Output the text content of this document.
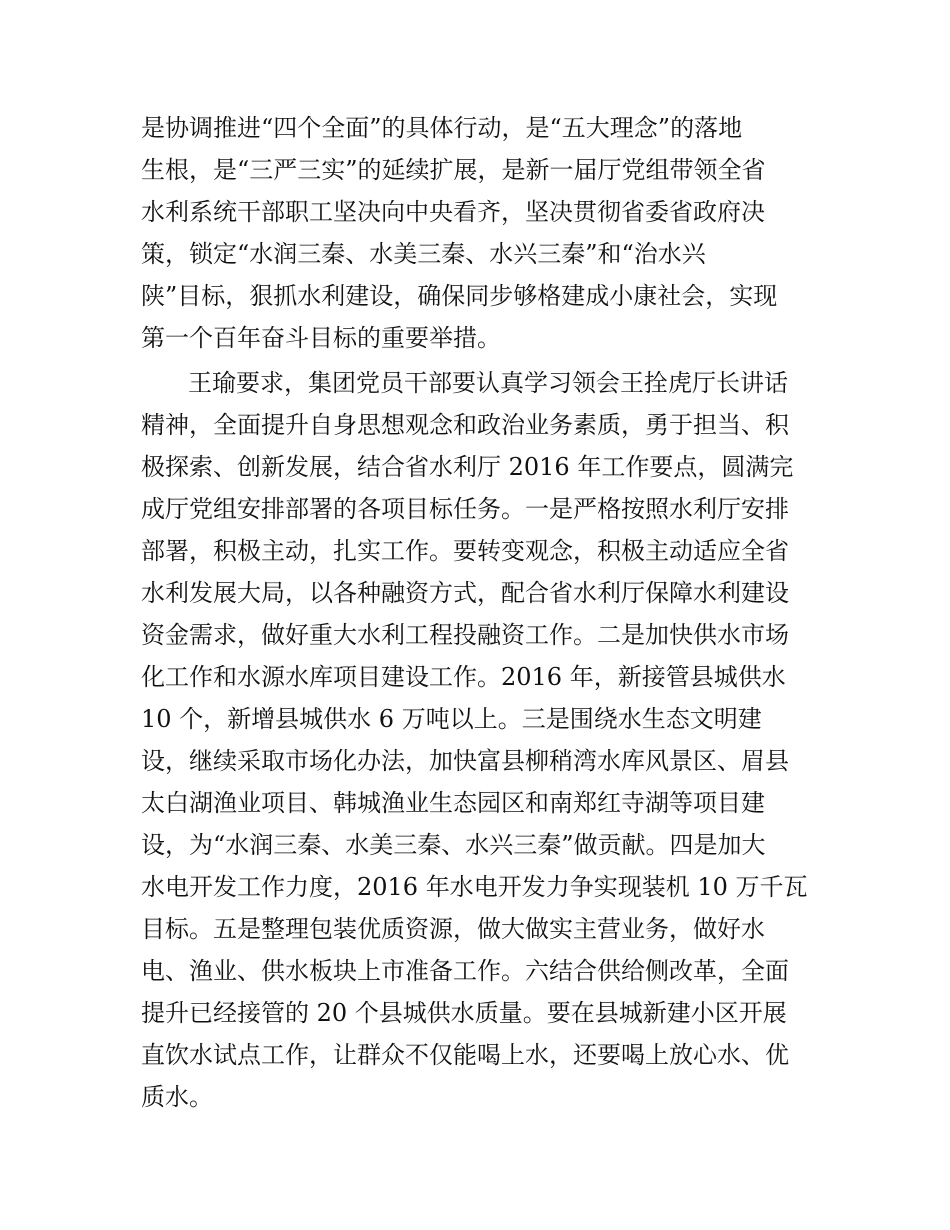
是协调推进“四个全面”的具体行动，是“五大理念”的落地
生根，是“三严三实”的延续扩展，是新一届厅党组带领全省
水利系统干部职工坚决向中央看齐，坚决贯彻省委省政府决
策，锁定“水润三秦、水美三秦、水兴三秦”和“治水兴
陕”目标，狠抓水利建设，确保同步够格建成小康社会，实现
第一个百年奋斗目标的重要举措。
王瑜要求，集团党员干部要认真学习领会王拴虎厅长讲话
精神，全面提升自身思想观念和政治业务素质，勇于担当、积
极探索、创新发展，结合省水利厅 2016 年工作要点，圆满完
成厅党组安排部署的各项目标任务。一是严格按照水利厅安排
部署，积极主动，扎实工作。要转变观念，积极主动适应全省
水利发展大局，以各种融资方式，配合省水利厅保障水利建设
资金需求，做好重大水利工程投融资工作。二是加快供水市场
化工作和水源水库项目建设工作。2016 年，新接管县城供水
10 个，新增县城供水 6 万吨以上。三是围绕水生态文明建
设，继续采取市场化办法，加快富县柳稍湾水库风景区、眉县
太白湖渔业项目、韩城渔业生态园区和南郑红寺湖等项目建
设，为“水润三秦、水美三秦、水兴三秦”做贡献。四是加大
水电开发工作力度，2016 年水电开发力争实现装机 10 万千瓦
目标。五是整理包装优质资源，做大做实主营业务，做好水
电、渔业、供水板块上市准备工作。六结合供给侧改革，全面
提升已经接管的 20 个县城供水质量。要在县城新建小区开展
直饮水试点工作，让群众不仅能喝上水，还要喝上放心水、优
质水。
